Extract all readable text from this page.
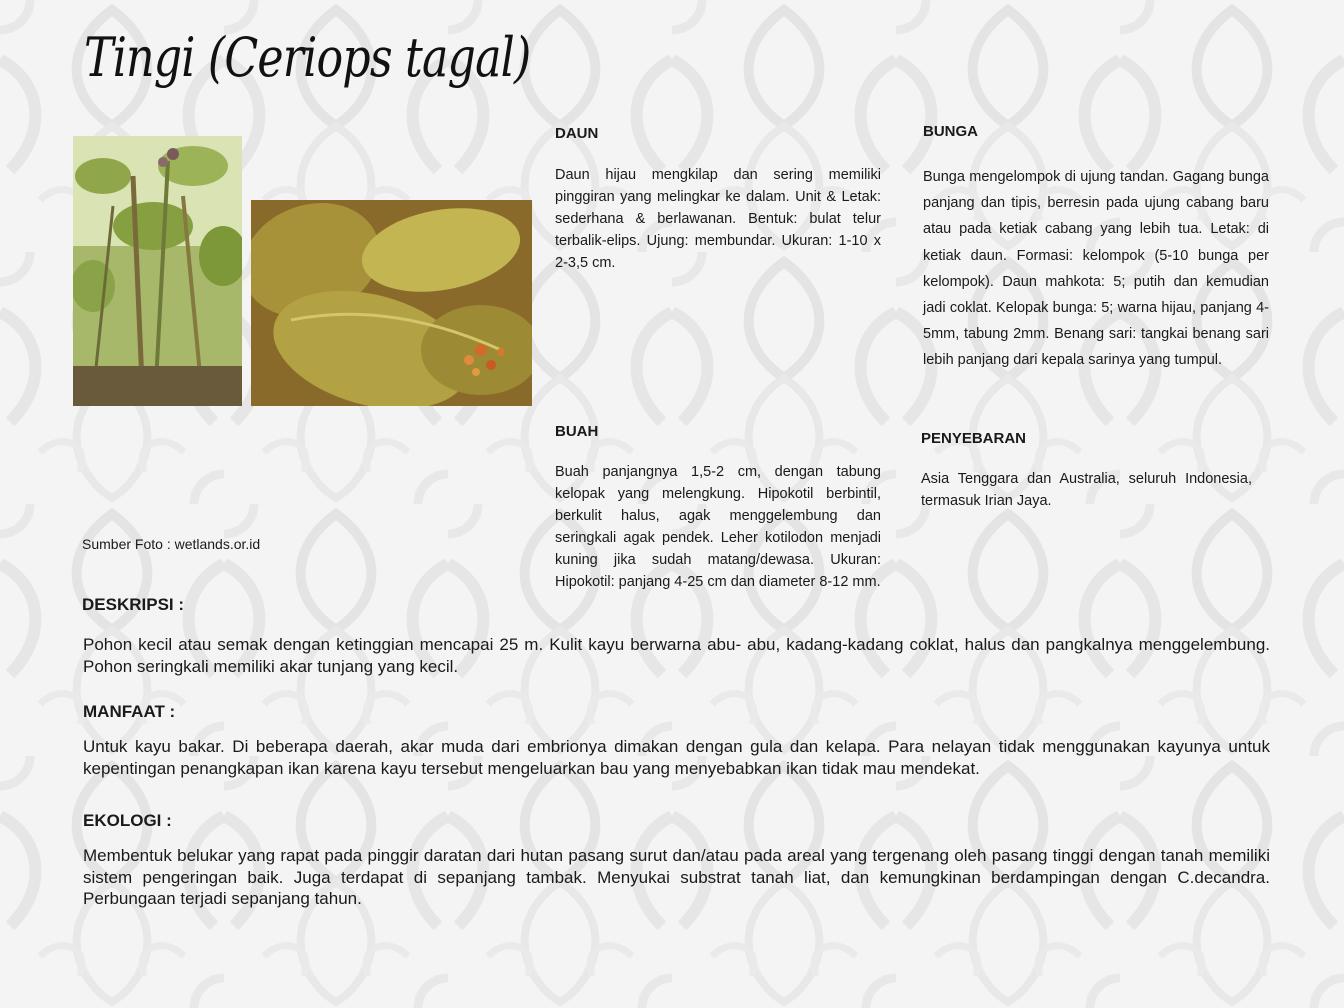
Tingi (Ceriops tagal)
Sumber Foto : wetlands.or.id
DAUN

Daun hijau mengkilap dan sering memiliki pinggiran yang melingkar ke dalam. Unit & Letak: sederhana & berlawanan. Bentuk: bulat telur terbalik-elips. Ujung: membundar. Ukuran: 1-10 x 2-3,5 cm.

BUAH

Buah panjangnya 1,5-2 cm, dengan tabung kelopak yang melengkung. Hipokotil berbintil, berkulit halus, agak menggelembung dan seringkali agak pendek. Leher kotilodon menjadi kuning jika sudah matang/dewasa. Ukuran: Hipokotil: panjang 4-25 cm dan diameter 8-12 mm.

BUNGA

Bunga mengelompok di ujung tandan. Gagang bunga panjang dan tipis, berresin pada ujung cabang baru atau pada ketiak cabang yang lebih tua. Letak: di ketiak daun. Formasi: kelompok (5-10 bunga per kelompok). Daun mahkota: 5; putih dan kemudian jadi coklat. Kelopak bunga: 5; warna hijau, panjang 4-5mm, tabung 2mm. Benang sari: tangkai benang sari lebih panjang dari kepala sarinya yang tumpul.

PENYEBARAN

Asia Tenggara dan Australia, seluruh Indonesia, termasuk Irian Jaya.

DESKRIPSI :

Pohon kecil atau semak dengan ketinggian mencapai 25 m. Kulit kayu berwarna abu- abu, kadang-kadang coklat, halus dan pangkalnya menggelembung. Pohon seringkali memiliki akar tunjang yang kecil.

MANFAAT :

Untuk kayu bakar. Di beberapa daerah, akar muda dari embrionya dimakan dengan gula dan kelapa. Para nelayan tidak menggunakan kayunya untuk kepentingan penangkapan ikan karena kayu tersebut mengeluarkan bau yang menyebabkan ikan tidak mau mendekat.

EKOLOGI :

Membentuk belukar yang rapat pada pinggir daratan dari hutan pasang surut dan/atau pada areal yang tergenang oleh pasang tinggi dengan tanah memiliki sistem pengeringan baik. Juga terdapat di sepanjang tambak. Menyukai substrat tanah liat, dan kemungkinan berdampingan dengan C.decandra. Perbungaan terjadi sepanjang tahun.
